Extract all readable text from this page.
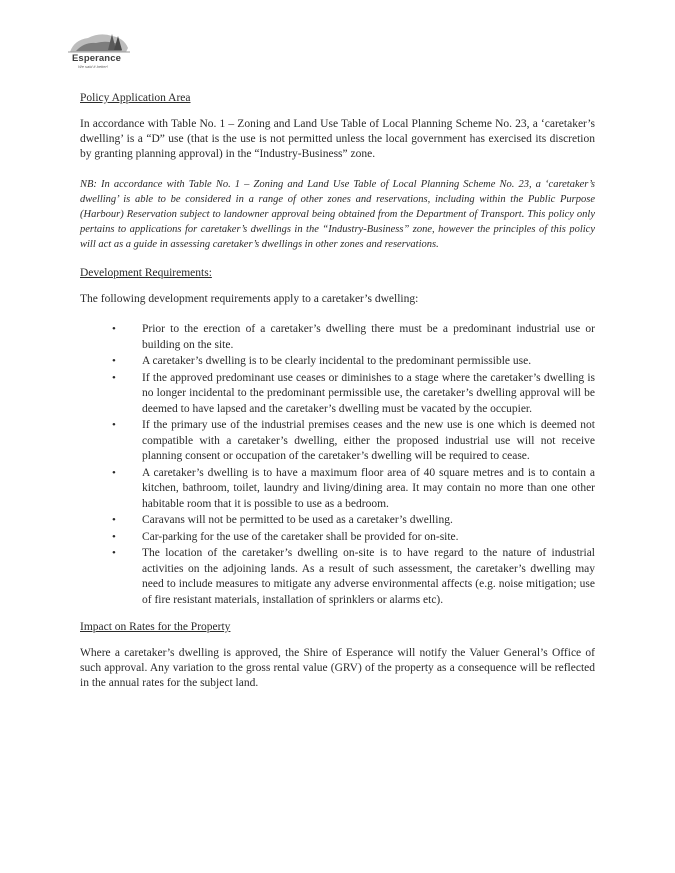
Esperance
We said it better!
Policy Application Area

In accordance with Table No. 1 – Zoning and Land Use Table of Local Planning Scheme No. 23, a ‘caretaker’s dwelling’ is a “D” use (that is the use is not permitted unless the local government has exercised its discretion by granting planning approval) in the “Industry-Business” zone.

NB: In accordance with Table No. 1 – Zoning and Land Use Table of Local Planning Scheme No. 23, a ‘caretaker’s dwelling’ is able to be considered in a range of other zones and reservations, including within the Public Purpose (Harbour) Reservation subject to landowner approval being obtained from the Department of Transport. This policy only pertains to applications for caretaker’s dwellings in the “Industry-Business” zone, however the principles of this policy will act as a guide in assessing caretaker’s dwellings in other zones and reservations.

Development Requirements:

The following development requirements apply to a caretaker’s dwelling:

• Prior to the erection of a caretaker’s dwelling there must be a predominant industrial use or building on the site.
• A caretaker’s dwelling is to be clearly incidental to the predominant permissible use.
• If the approved predominant use ceases or diminishes to a stage where the caretaker’s dwelling is no longer incidental to the predominant permissible use, the caretaker’s dwelling approval will be deemed to have lapsed and the caretaker’s dwelling must be vacated by the occupier.
• If the primary use of the industrial premises ceases and the new use is one which is deemed not compatible with a caretaker’s dwelling, either the proposed industrial use will not receive planning consent or occupation of the caretaker’s dwelling will be required to cease.
• A caretaker’s dwelling is to have a maximum floor area of 40 square metres and is to contain a kitchen, bathroom, toilet, laundry and living/dining area. It may contain no more than one other habitable room that it is possible to use as a bedroom.
• Caravans will not be permitted to be used as a caretaker’s dwelling.
• Car-parking for the use of the caretaker shall be provided for on-site.
• The location of the caretaker’s dwelling on-site is to have regard to the nature of industrial activities on the adjoining lands. As a result of such assessment, the caretaker’s dwelling may need to include measures to mitigate any adverse environmental affects (e.g. noise mitigation; use of fire resistant materials, installation of sprinklers or alarms etc).
Impact on Rates for the Property

Where a caretaker’s dwelling is approved, the Shire of Esperance will notify the Valuer General’s Office of such approval. Any variation to the gross rental value (GRV) of the property as a consequence will be reflected in the annual rates for the subject land.
